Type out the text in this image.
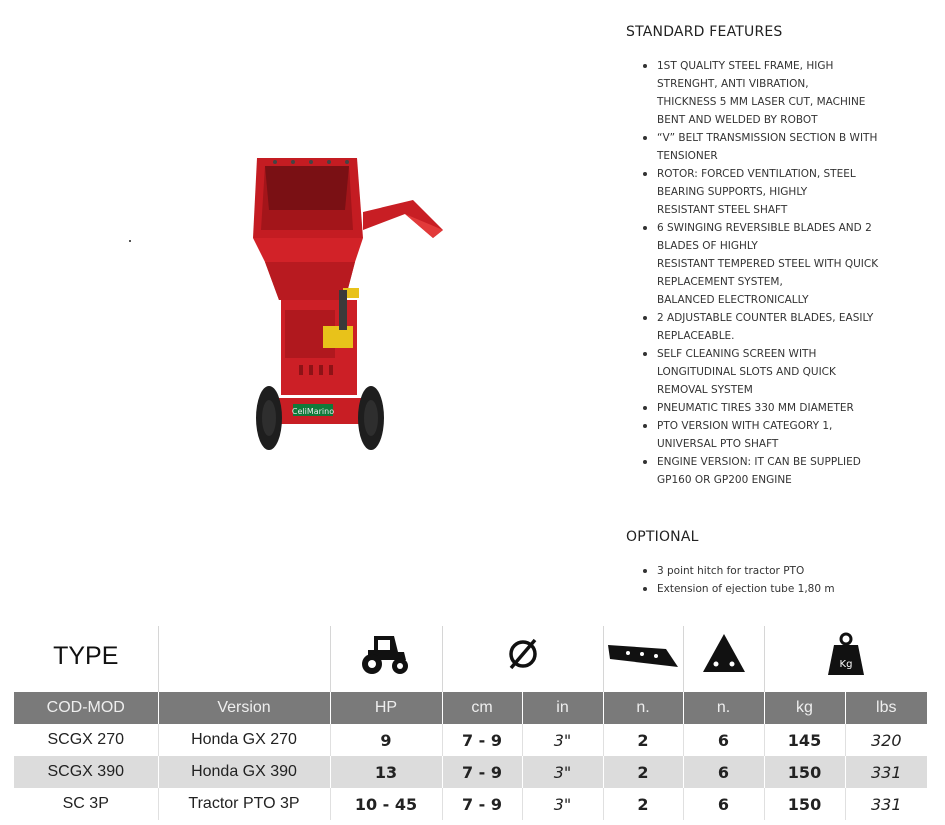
CeliMarino
STANDARD FEATURES
1ST QUALITY STEEL FRAME, HIGH
STRENGHT, ANTI VIBRATION,
THICKNESS 5 MM LASER CUT, MACHINE
BENT AND WELDED BY ROBOT
“V” BELT TRANSMISSION SECTION B WITH
TENSIONER
ROTOR: FORCED VENTILATION, STEEL
BEARING SUPPORTS, HIGHLY
RESISTANT STEEL SHAFT
6 SWINGING REVERSIBLE BLADES AND 2
BLADES OF HIGHLY
RESISTANT TEMPERED STEEL WITH QUICK
REPLACEMENT SYSTEM,
BALANCED ELECTRONICALLY
2 ADJUSTABLE COUNTER BLADES, EASILY
REPLACEABLE.
SELF CLEANING SCREEN WITH
LONGITUDINAL SLOTS AND QUICK
REMOVAL SYSTEM
PNEUMATIC TIRES 330 MM DIAMETER
PTO VERSION WITH CATEGORY 1,
UNIVERSAL PTO SHAFT
ENGINE VERSION: IT CAN BE SUPPLIED
GP160 OR GP200 ENGINE
OPTIONAL
3 point hitch for tractor PTO
Extension of ejection tube 1,80 m
TYPE							Kg	

COD-MOD	Version	HP	cm	in	n.	n.	kg	lbs
SCGX 270	Honda GX 270	9	7 - 9	3"	2	6	145	320
SCGX 390	Honda GX 390	13	7 - 9	3"	2	6	150	331
SC 3P	Tractor PTO 3P	10 - 45	7 - 9	3"	2	6	150	331
